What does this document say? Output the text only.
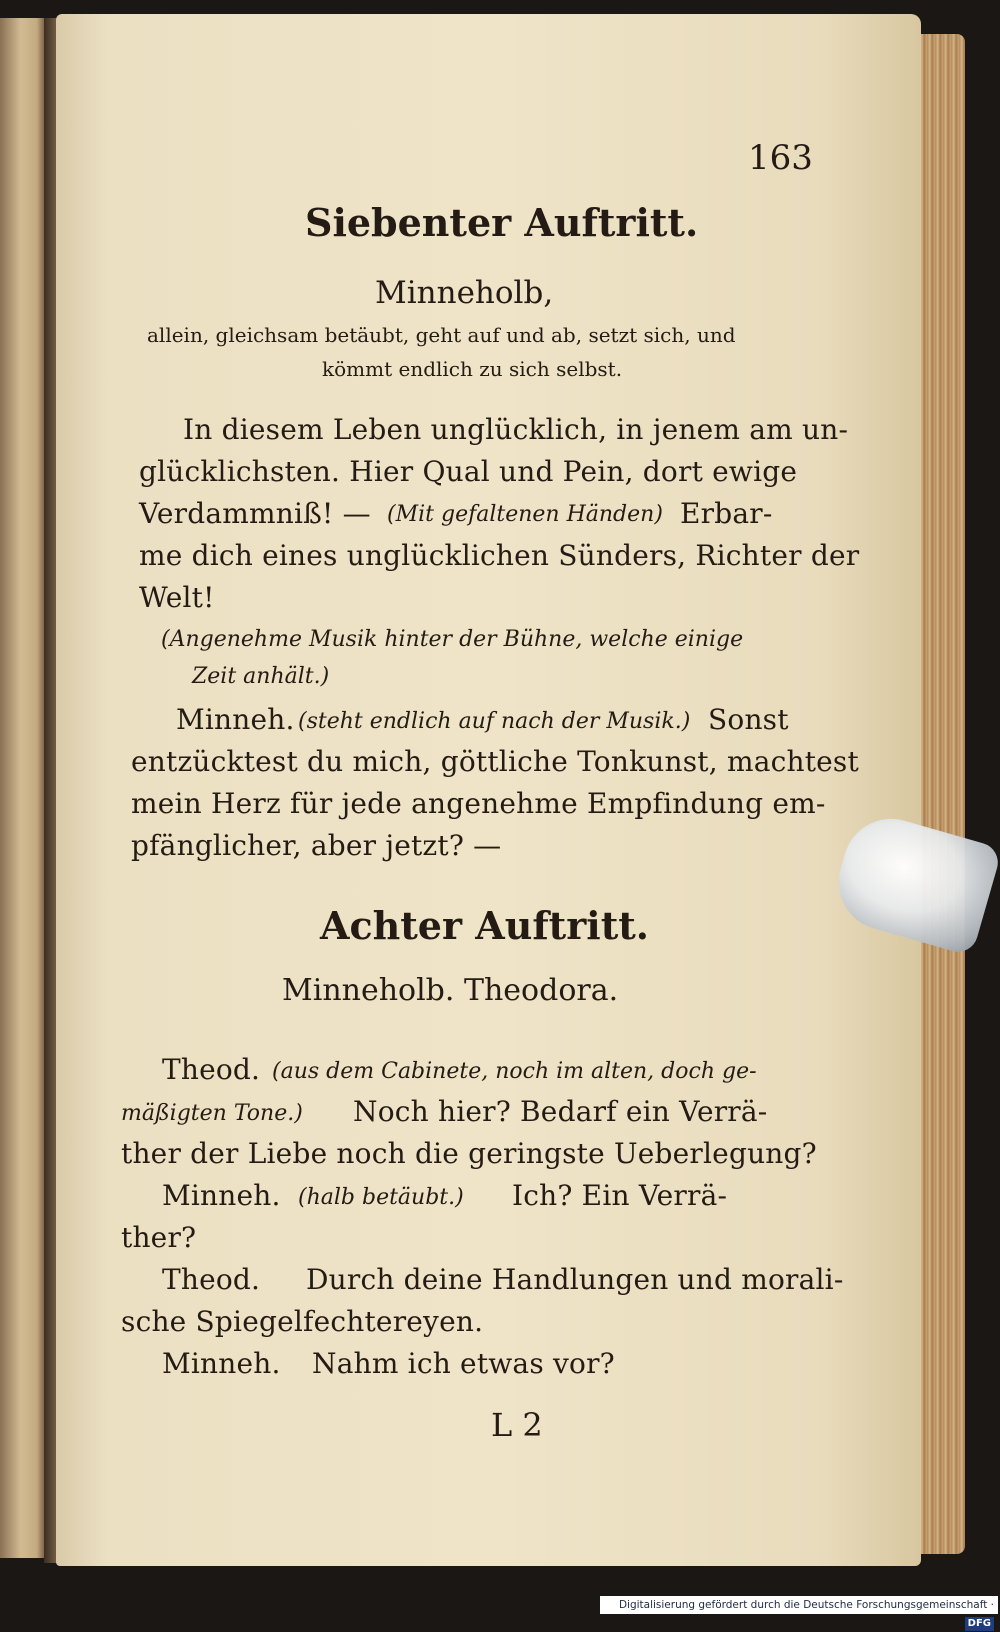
163
Siebenter Auftritt.
Minneholb,
allein, gleichsam betäubt, geht auf und ab, setzt sich, und
kömmt endlich zu sich selbst.
In diesem Leben unglücklich, in jenem am un-
glücklichsten. Hier Qual und Pein, dort ewige
Verdammniß! — (Mit gefaltenen Händen) Erbar-
me dich eines unglücklichen Sünders, Richter der
Welt!
(Angenehme Musik hinter der Bühne, welche einige
Zeit anhält.)
Minneh. (steht endlich auf nach der Musik.) Sonst
entzücktest du mich, göttliche Tonkunst, machtest
mein Herz für jede angenehme Empfindung em-
pfänglicher, aber jetzt? —
Achter Auftritt.
Minneholb. Theodora.
Theod. (aus dem Cabinete, noch im alten, doch ge-
mäßigten Tone.) Noch hier? Bedarf ein Verrä-
ther der Liebe noch die geringste Ueberlegung?
Minneh. (halb betäubt.) Ich? Ein Verrä-
ther?
Theod. Durch deine Handlungen und morali-
sche Spiegelfechtereyen.
Minneh. Nahm ich etwas vor?
L 2
Digitalisierung gefördert durch die Deutsche Forschungsgemeinschaft ·DFG
